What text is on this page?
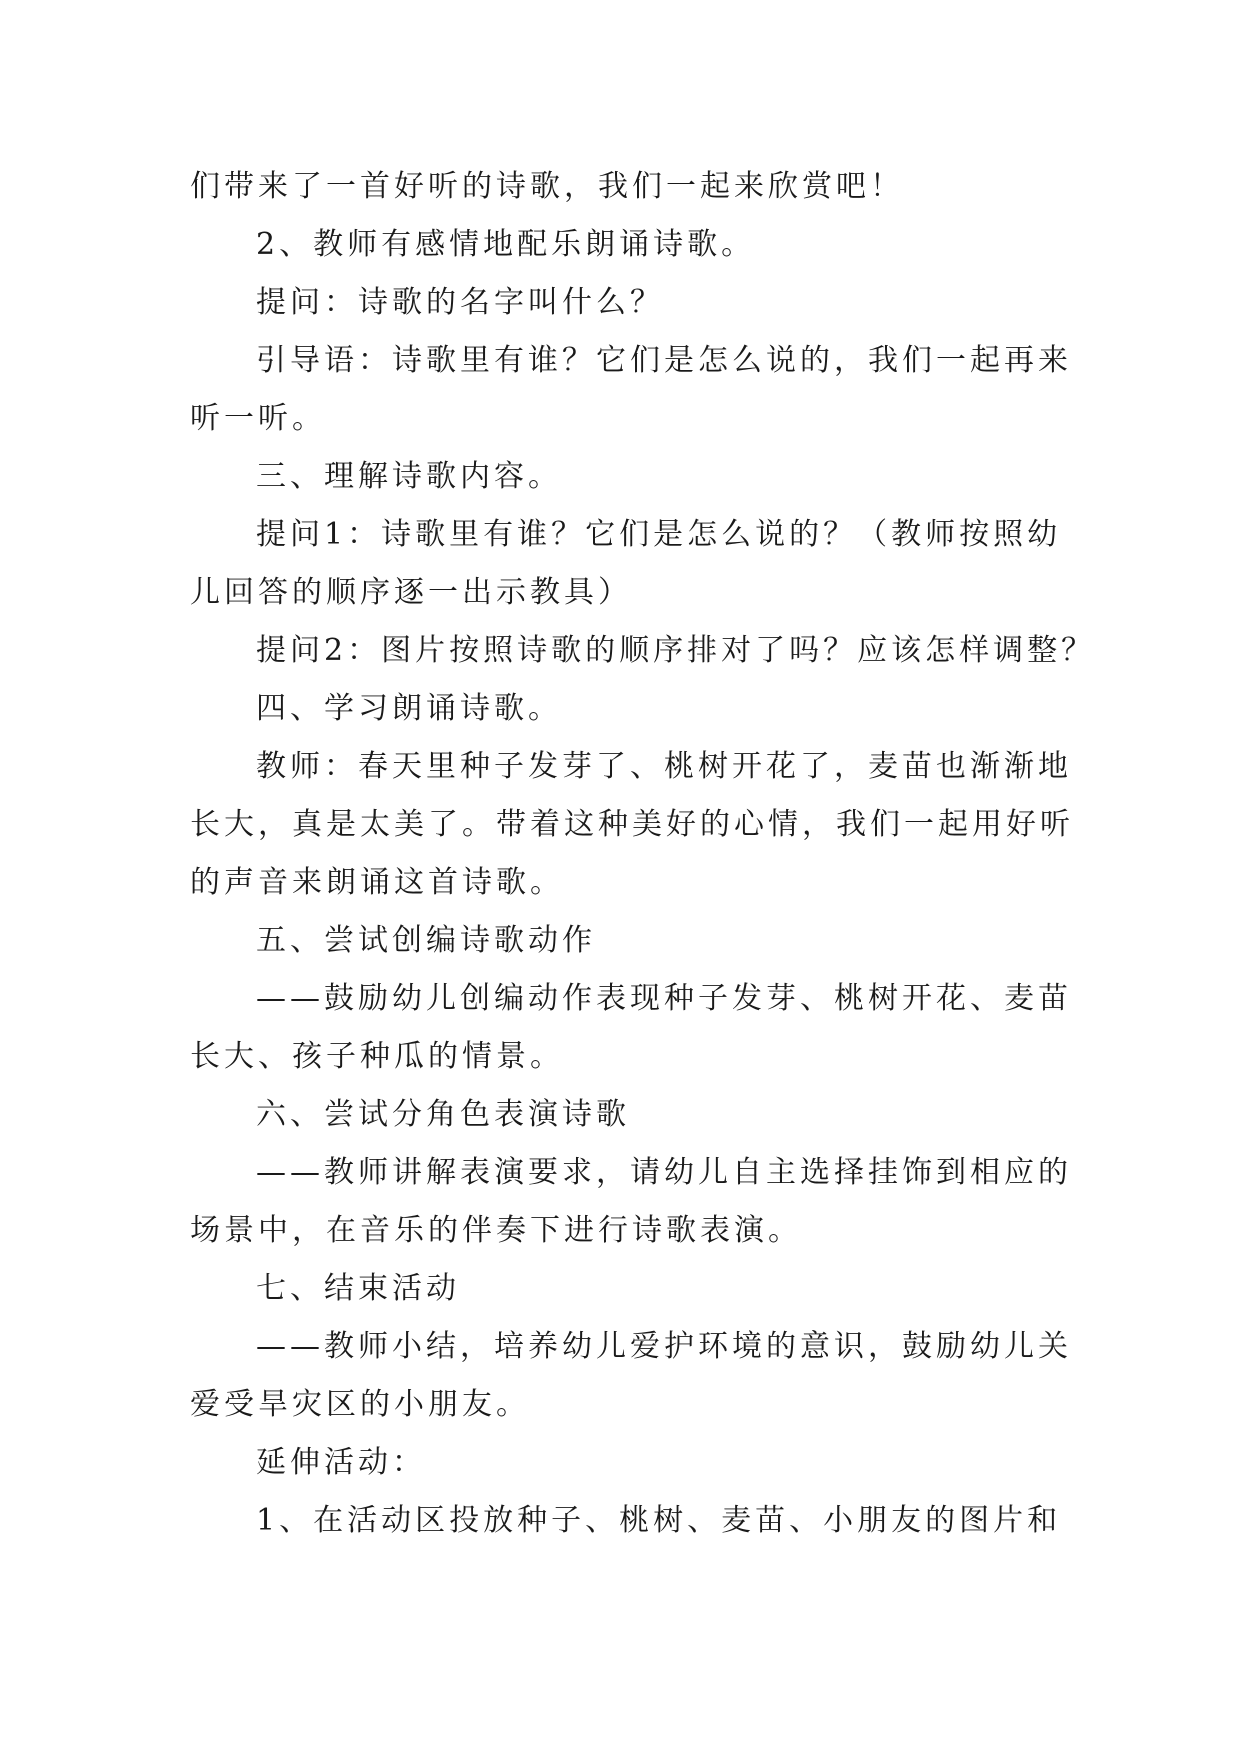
们带来了一首好听的诗歌，我们一起来欣赏吧！
2、教师有感情地配乐朗诵诗歌。
提问：诗歌的名字叫什么？
引导语：诗歌里有谁？它们是怎么说的，我们一起再来
听一听。
三、理解诗歌内容。
提问1：诗歌里有谁？它们是怎么说的？（教师按照幼
儿回答的顺序逐一出示教具）
提问2：图片按照诗歌的顺序排对了吗？应该怎样调整？
四、学习朗诵诗歌。
教师：春天里种子发芽了、桃树开花了，麦苗也渐渐地
长大，真是太美了。带着这种美好的心情，我们一起用好听
的声音来朗诵这首诗歌。
五、尝试创编诗歌动作
——鼓励幼儿创编动作表现种子发芽、桃树开花、麦苗
长大、孩子种瓜的情景。
六、尝试分角色表演诗歌
——教师讲解表演要求，请幼儿自主选择挂饰到相应的
场景中，在音乐的伴奏下进行诗歌表演。
七、结束活动
——教师小结，培养幼儿爱护环境的意识，鼓励幼儿关
爱受旱灾区的小朋友。
延伸活动：
1、在活动区投放种子、桃树、麦苗、小朋友的图片和
